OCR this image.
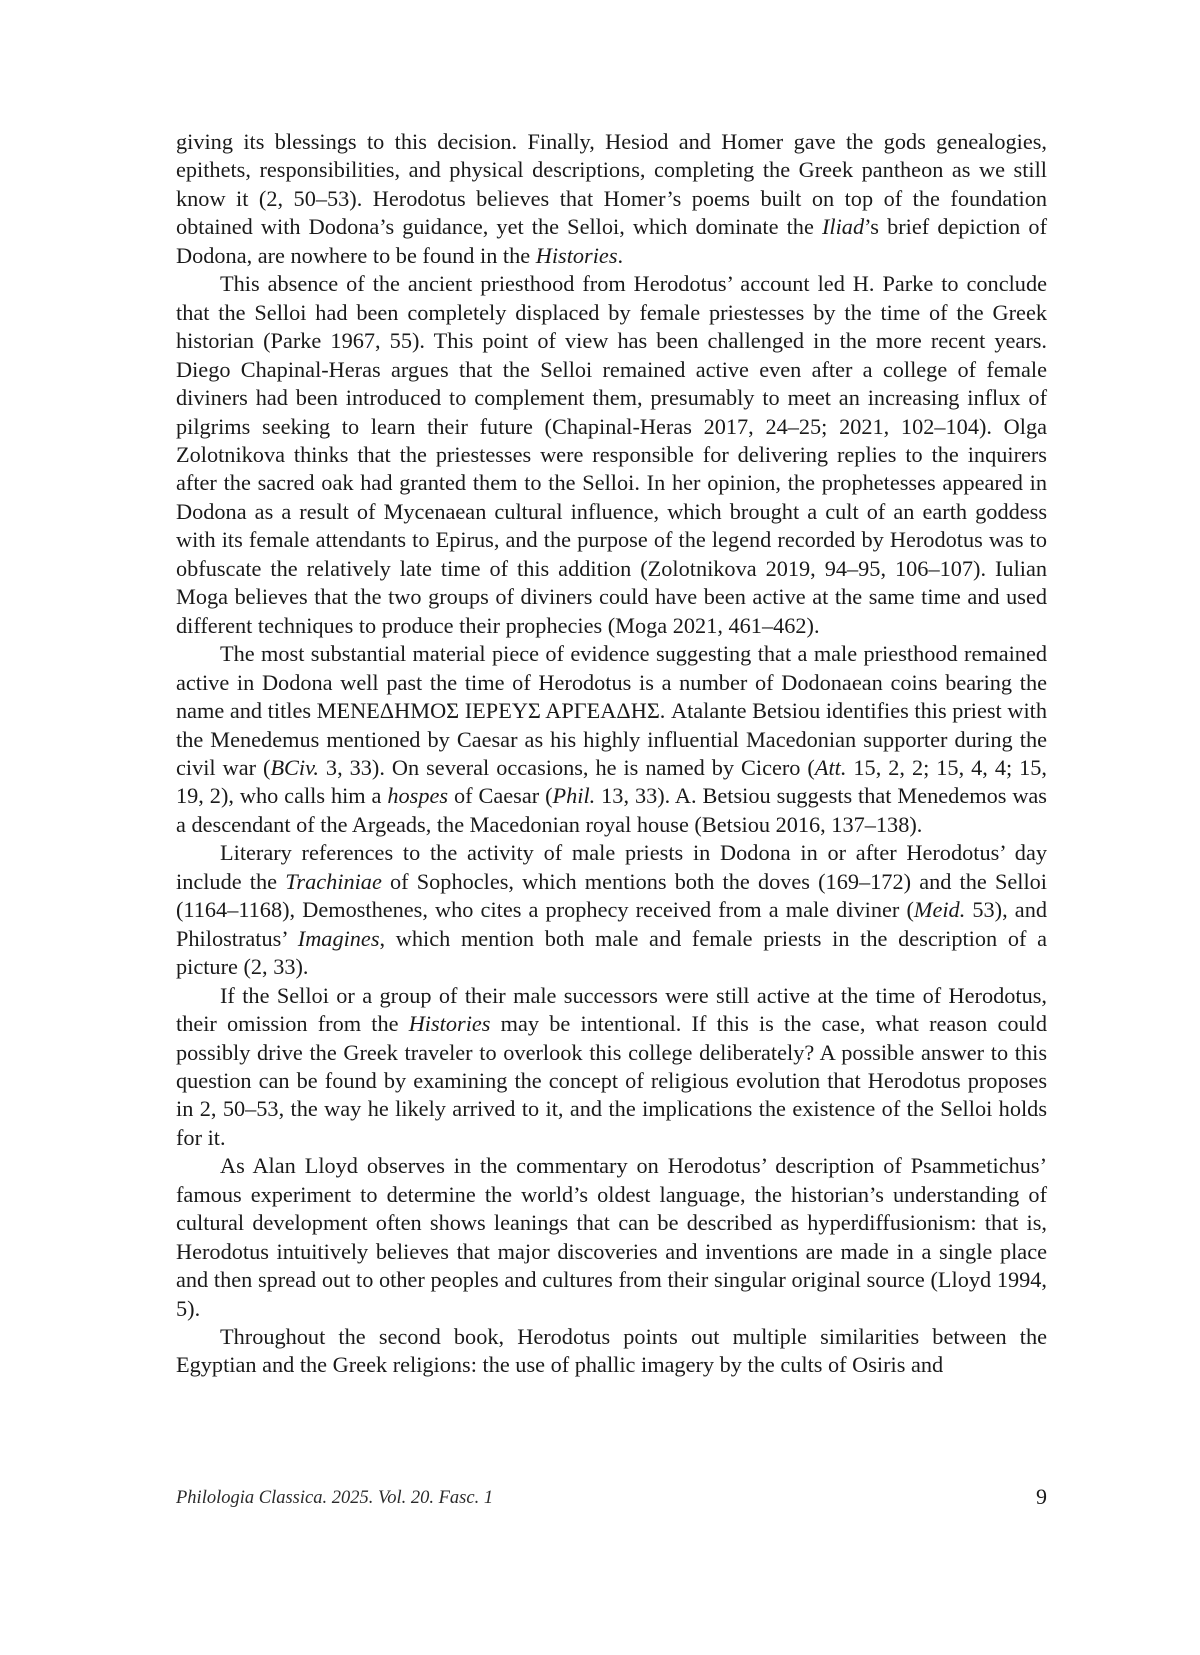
giving its blessings to this decision. Finally, Hesiod and Homer gave the gods genealogies, epithets, responsibilities, and physical descriptions, completing the Greek pantheon as we still know it (2, 50–53). Herodotus believes that Homer’s poems built on top of the foundation obtained with Dodona’s guidance, yet the Selloi, which dominate the Iliad’s brief depiction of Dodona, are nowhere to be found in the Histories.

This absence of the ancient priesthood from Herodotus’ account led H. Parke to conclude that the Selloi had been completely displaced by female priestesses by the time of the Greek historian (Parke 1967, 55). This point of view has been challenged in the more recent years. Diego Chapinal-Heras argues that the Selloi remained active even after a college of female diviners had been introduced to complement them, presumably to meet an increasing influx of pilgrims seeking to learn their future (Chapinal-Heras 2017, 24–25; 2021, 102–104). Olga Zolotnikova thinks that the priestesses were responsible for delivering replies to the inquirers after the sacred oak had granted them to the Selloi. In her opinion, the prophetesses appeared in Dodona as a result of Mycenaean cultural influence, which brought a cult of an earth goddess with its female attendants to Epirus, and the purpose of the legend recorded by Herodotus was to obfuscate the relatively late time of this addition (Zolotnikova 2019, 94–95, 106–107). Iulian Moga believes that the two groups of diviners could have been active at the same time and used different techniques to produce their prophecies (Moga 2021, 461–462).

The most substantial material piece of evidence suggesting that a male priesthood remained active in Dodona well past the time of Herodotus is a number of Dodonaean coins bearing the name and titles ΜΕΝΕΔΗΜΟΣ ΙΕΡΕΥΣ ΑΡΓΕΑΔΗΣ. Atalante Betsiou identifies this priest with the Menedemus mentioned by Caesar as his highly influential Macedonian supporter during the civil war (BCiv. 3, 33). On several occasions, he is named by Cicero (Att. 15, 2, 2; 15, 4, 4; 15, 19, 2), who calls him a hospes of Caesar (Phil. 13, 33). A. Betsiou suggests that Menedemos was a descendant of the Argeads, the Macedonian royal house (Betsiou 2016, 137–138).

Literary references to the activity of male priests in Dodona in or after Herodotus’ day include the Trachiniae of Sophocles, which mentions both the doves (169–172) and the Selloi (1164–1168), Demosthenes, who cites a prophecy received from a male diviner (Meid. 53), and Philostratus’ Imagines, which mention both male and female priests in the description of a picture (2, 33).

If the Selloi or a group of their male successors were still active at the time of Herodotus, their omission from the Histories may be intentional. If this is the case, what reason could possibly drive the Greek traveler to overlook this college deliberately? A possible answer to this question can be found by examining the concept of religious evolution that Herodotus proposes in 2, 50–53, the way he likely arrived to it, and the implications the existence of the Selloi holds for it.

As Alan Lloyd observes in the commentary on Herodotus’ description of Psammetichus’ famous experiment to determine the world’s oldest language, the historian’s understanding of cultural development often shows leanings that can be described as hyperdiffusionism: that is, Herodotus intuitively believes that major discoveries and inventions are made in a single place and then spread out to other peoples and cultures from their singular original source (Lloyd 1994, 5).

Throughout the second book, Herodotus points out multiple similarities between the Egyptian and the Greek religions: the use of phallic imagery by the cults of Osiris and

Philologia Classica. 2025. Vol. 20. Fasc. 1	9
